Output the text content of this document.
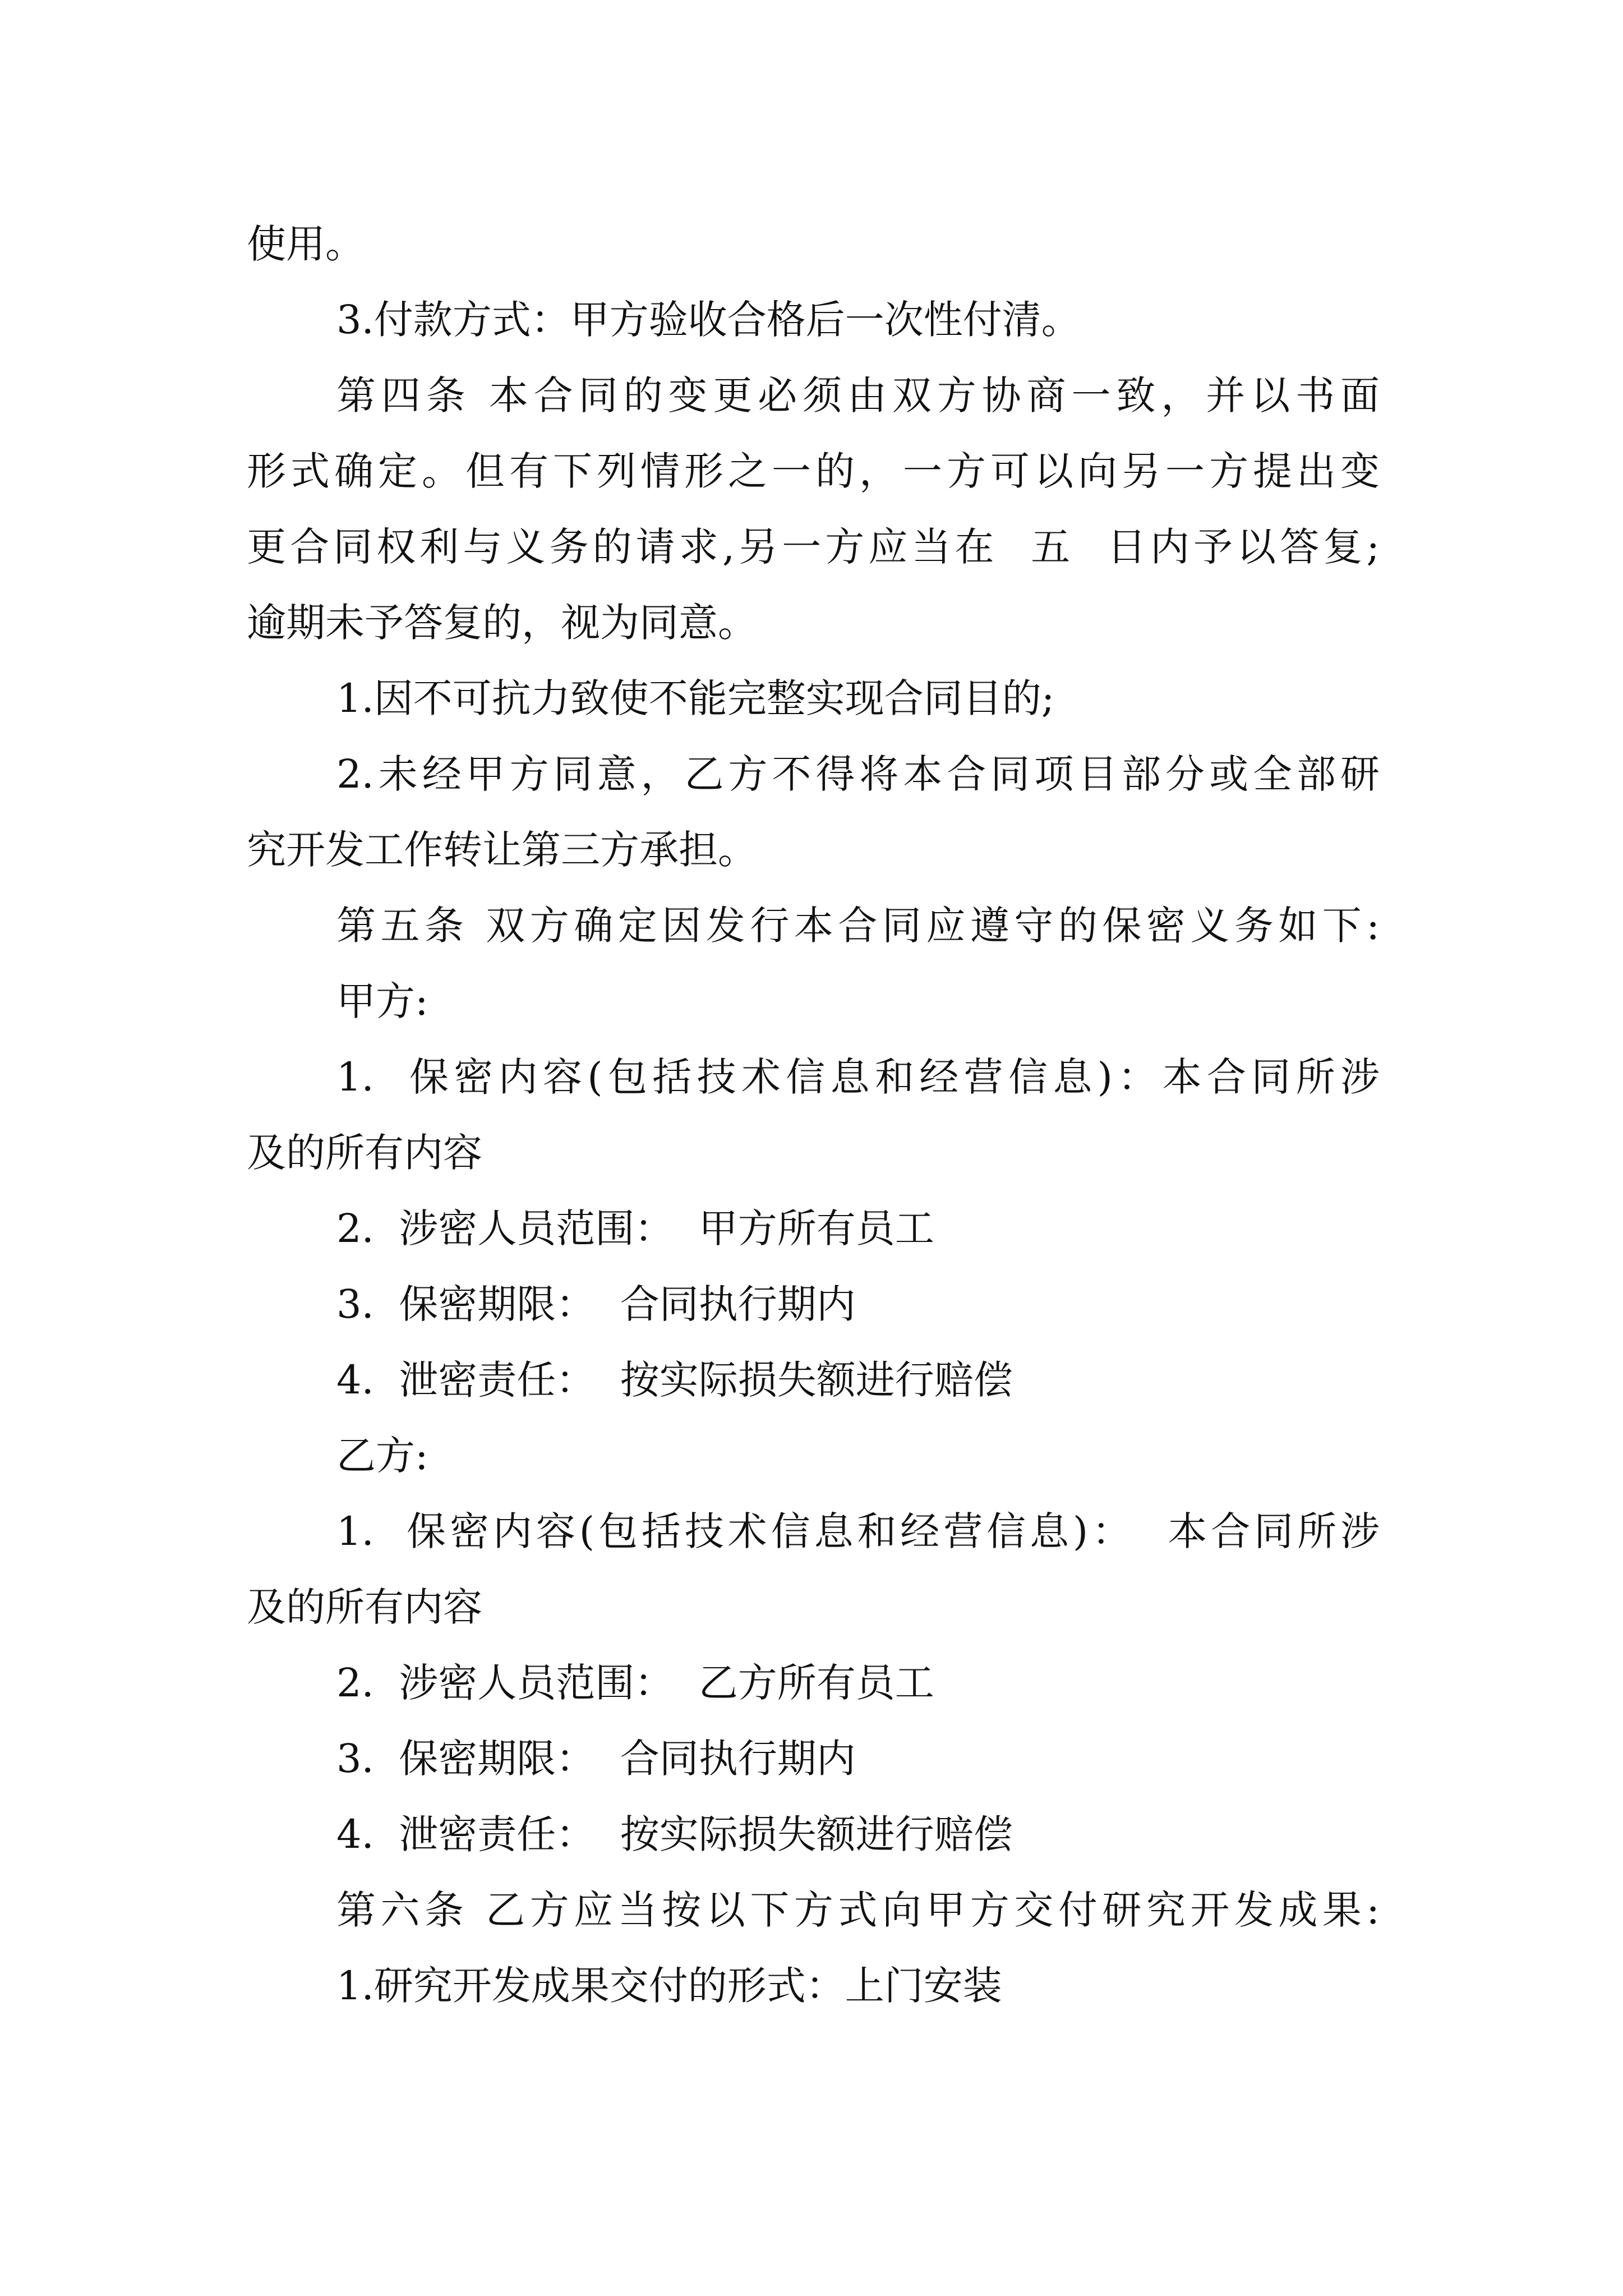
使用。
3.付款方式：甲方验收合格后一次性付清。
第四条 本合同的变更必须由双方协商一致，并以书面
形式确定。但有下列情形之一的，一方可以向另一方提出变
更合同权利与义务的请求,另一方应当在  五  日内予以答复;
逾期未予答复的，视为同意。
1.因不可抗力致使不能完整实现合同目的;
2.未经甲方同意，乙方不得将本合同项目部分或全部研
究开发工作转让第三方承担。
第五条 双方确定因发行本合同应遵守的保密义务如下:
甲方:
1.  保密内容(包括技术信息和经营信息)：本合同所涉
及的所有内容
2.  涉密人员范围：  甲方所有员工
3.  保密期限：  合同执行期内
4.  泄密责任：  按实际损失额进行赔偿
乙方:
1.  保密内容(包括技术信息和经营信息)：  本合同所涉
及的所有内容
2.  涉密人员范围：  乙方所有员工
3.  保密期限：  合同执行期内
4.  泄密责任：  按实际损失额进行赔偿
第六条 乙方应当按以下方式向甲方交付研究开发成果:
1.研究开发成果交付的形式：上门安装
